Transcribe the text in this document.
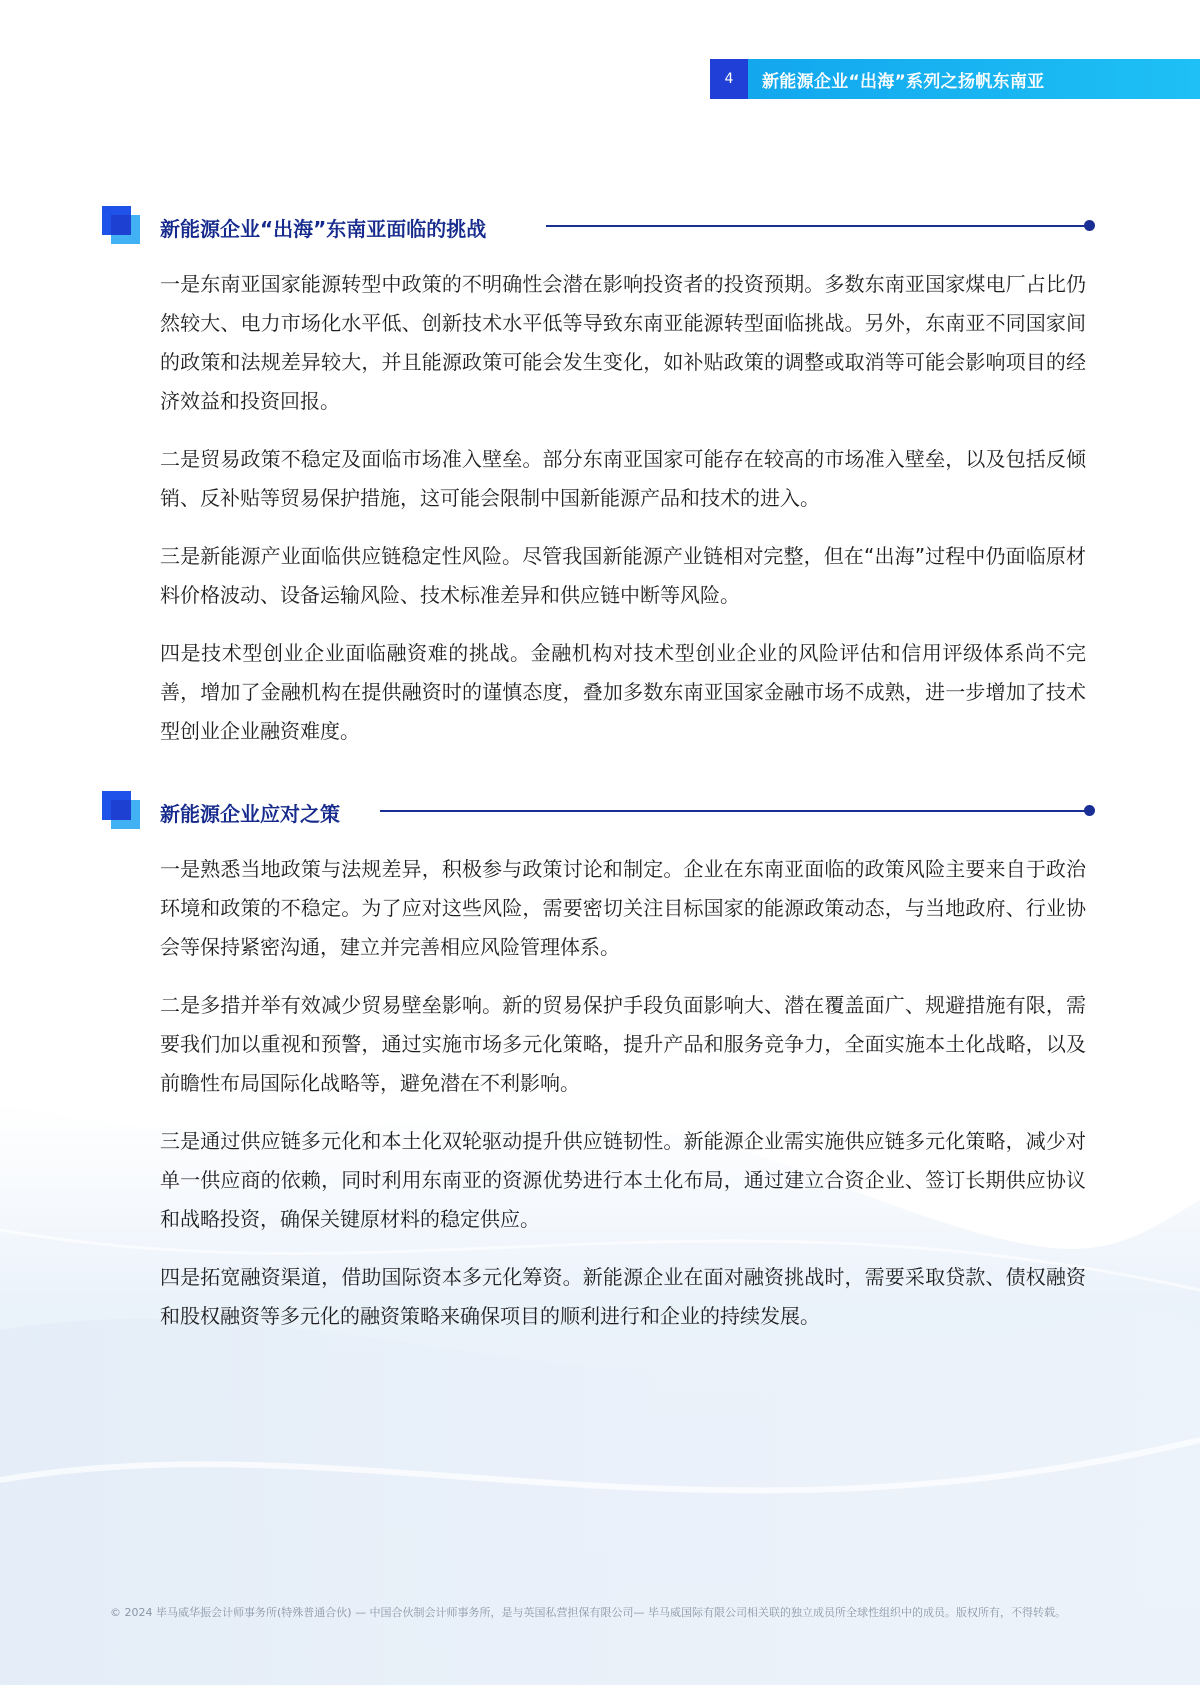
4	新能源企业“出海”系列之扬帆东南亚
新能源企业“出海”东南亚面临的挑战

一是东南亚国家能源转型中政策的不明确性会潜在影响投资者的投资预期。多数东南亚国家煤电厂占比仍然较大、电力市场化水平低、创新技术水平低等导致东南亚能源转型面临挑战。另外，东南亚不同国家间的政策和法规差异较大，并且能源政策可能会发生变化，如补贴政策的调整或取消等可能会影响项目的经济效益和投资回报。

二是贸易政策不稳定及面临市场准入壁垒。部分东南亚国家可能存在较高的市场准入壁垒，以及包括反倾销、反补贴等贸易保护措施，这可能会限制中国新能源产品和技术的进入。

三是新能源产业面临供应链稳定性风险。尽管我国新能源产业链相对完整，但在“出海”过程中仍面临原材料价格波动、设备运输风险、技术标准差异和供应链中断等风险。

四是技术型创业企业面临融资难的挑战。金融机构对技术型创业企业的风险评估和信用评级体系尚不完善，增加了金融机构在提供融资时的谨慎态度，叠加多数东南亚国家金融市场不成熟，进一步增加了技术型创业企业融资难度。

新能源企业应对之策

一是熟悉当地政策与法规差异，积极参与政策讨论和制定。企业在东南亚面临的政策风险主要来自于政治环境和政策的不稳定。为了应对这些风险，需要密切关注目标国家的能源政策动态，与当地政府、行业协会等保持紧密沟通，建立并完善相应风险管理体系。

二是多措并举有效减少贸易壁垒影响。新的贸易保护手段负面影响大、潜在覆盖面广、规避措施有限，需要我们加以重视和预警，通过实施市场多元化策略，提升产品和服务竞争力，全面实施本土化战略，以及前瞻性布局国际化战略等，避免潜在不利影响。

三是通过供应链多元化和本土化双轮驱动提升供应链韧性。新能源企业需实施供应链多元化策略，减少对单一供应商的依赖，同时利用东南亚的资源优势进行本土化布局，通过建立合资企业、签订长期供应协议和战略投资，确保关键原材料的稳定供应。

四是拓宽融资渠道，借助国际资本多元化筹资。新能源企业在面对融资挑战时，需要采取贷款、债权融资和股权融资等多元化的融资策略来确保项目的顺利进行和企业的持续发展。

© 2024 毕马威华振会计师事务所(特殊普通合伙) — 中国合伙制会计师事务所，是与英国私营担保有限公司— 毕马威国际有限公司相关联的独立成员所全球性组织中的成员。版权所有，不得转载。
